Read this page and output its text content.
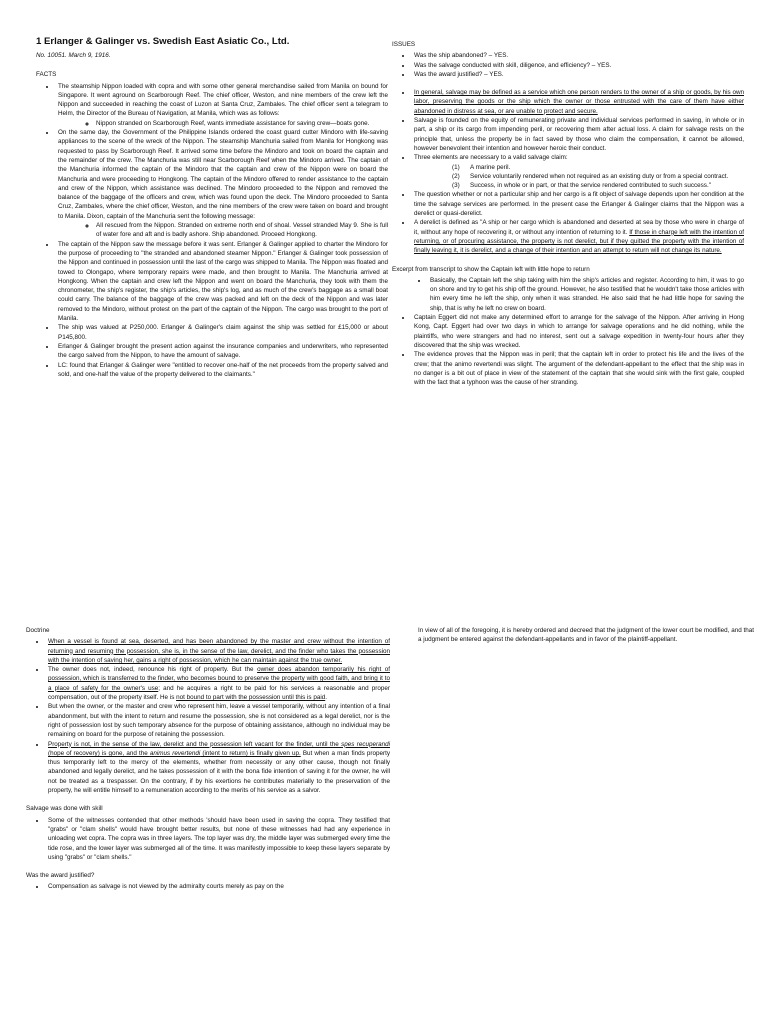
1 Erlanger & Galinger vs. Swedish East Asiatic Co., Ltd.

No. 10051. March 9, 1916.

FACTS

• The steamship Nippon loaded with copra and with some other general merchandise sailed from Manila on bound for Singapore. It went aground on Scarborough Reef. The chief officer, Weston, and nine members of the crew left the Nippon and succeeded in reaching the coast of Luzon at Santa Cruz, Zambales. The chief officer sent a telegram to Helm, the Director of the Bureau of Navigation, at Manila, which was as follows:
◦ Nippon stranded on Scarborough Reef, wants immediate assistance for saving crew—boats gone.
• On the same day, the Government of the Philippine Islands ordered the coast guard cutter Mindoro with life-saving appliances to the scene of the wreck of the Nippon. The steamship Manchuria sailed from Manila for Hongkong was requested to pass by Scarborough Reef. It arrived some time before the Mindoro and took on board the captain and the remainder of the crew. The Manchuria was still near Scarborough Reef when the Mindoro arrived. The captain of the Manchuria informed the captain of the Mindoro that the captain and crew of the Nippon were on board the Manchuria and were proceeding to Hongkong. The captain of the Mindoro offered to render assistance to the captain and crew of the Nippon, which assistance was declined. The Mindoro proceeded to the Nippon and removed the balance of the baggage of the officers and crew, which was found upon the deck. The Mindoro proceeded to Santa Cruz, Zambales, where the chief officer, Weston, and the nine members of the crew were taken on board and brought to Manila. Dixon, captain of the Manchuria sent the following message:
◦ All rescued from the Nippon. Stranded on extreme north end of shoal. Vessel stranded May 9. She is full of water fore and aft and is badly ashore. Ship abandoned. Proceed Hongkong.
• The captain of the Nippon saw the message before it was sent. Erlanger & Galinger applied to charter the Mindoro for the purpose of proceeding to "the stranded and abandoned steamer Nippon." Erlanger & Galinger took possession of the Nippon and continued in possession until the last of the cargo was shipped to Manila. The Nippon was floated and towed to Olongapo, where temporary repairs were made, and then brought to Manila. The Manchuria arrived at Hongkong. When the captain and crew left the Nippon and went on board the Manchuria, they took with them the chronometer, the ship's register, the ship's articles, the ship's log, and as much of the crew's baggage as a small boat could carry. The balance of the baggage of the crew was packed and left on the deck of the Nippon and was later removed to the Mindoro, without protest on the part of the captain of the Nippon. The cargo was brought to the port of Manila.
• The ship was valued at P250,000. Erlanger & Galinger's claim against the ship was settled for £15,000 or about P145,800.
• Erlanger & Galinger brought the present action against the insurance companies and underwriters, who represented the cargo salved from the Nippon, to have the amount of salvage.
• LC: found that Erlanger & Galinger were "entitled to recover one-half of the net proceeds from the property salved and sold, and one-half the value of the property delivered to the claimants."

ISSUES

• Was the ship abandoned? – YES.
• Was the salvage conducted with skill, diligence, and efficiency? – YES.
• Was the award justified? – YES.
• In general, salvage may be defined as a service which one person renders to the owner of a ship or goods, by his own labor, preserving the goods or the ship which the owner or those entrusted with the care of them have either abandoned in distress at sea, or are unable to protect and secure.
• Salvage is founded on the equity of remunerating private and individual services performed in saving, in whole or in part, a ship or its cargo from impending peril, or recovering them after actual loss. A claim for salvage rests on the principle that, unless the property be in fact saved by those who claim the compensation, it cannot be allowed, however benevolent their intention and however heroic their conduct.
• Three elements are necessary to a valid salvage claim:
(1) A marine peril.
(2) Service voluntarily rendered when not required as an existing duty or from a special contract.
(3) Success, in whole or in part, or that the service rendered contributed to such success."
• The question whether or not a particular ship and her cargo is a fit object of salvage depends upon her condition at the time the salvage services are performed. In the present case the Erlanger & Galinger claims that the Nippon was a derelict or quasi-derelict.
• A derelict is defined as "A ship or her cargo which is abandoned and deserted at sea by those who were in charge of it, without any hope of recovering it, or without any intention of returning to it. If those in charge left with the intention of returning, or of procuring assistance, the property is not derelict, but if they quitted the property with the intention of finally leaving it, it is derelict, and a change of their intention and an attempt to return will not change its nature.

Excerpt from transcript to show the Captain left with little hope to return

• Basically, the Captain left the ship taking with him the ship's articles and register. According to him, it was to go on shore and try to get his ship off the ground. However, he also testified that he wouldn't take those articles with him every time he left the ship, only when it was stranded. He also said that he had little hope for saving the ship, that is why he left no crew on board.
• Captain Eggert did not make any determined effort to arrange for the salvage of the Nippon. After arriving in Hong Kong, Capt. Eggert had over two days in which to arrange for salvage operations and he did nothing, while the plaintiffs, who were strangers and had no interest, sent out a salvage expedition in twenty-four hours after they discovered that the ship was wrecked.
• The evidence proves that the Nippon was in peril; that the captain left in order to protect his life and the lives of the crew; that the animo revertendi was slight. The argument of the defendant-appellant to the effect that the ship was in no danger is a bit out of place in view of the statement of the captain that she would sink with the first gale, coupled with the fact that a typhoon was the cause of her stranding.

Doctrine

• When a vessel is found at sea, deserted, and has been abandoned by the master and crew without the intention of returning and resuming the possession, she is, in the sense of the law, derelict, and the finder who takes the possession with the intention of saving her, gains a right of possession, which he can maintain against the true owner.
• The owner does not, indeed, renounce his right of property. But the owner does abandon temporarily his right of possession, which is transferred to the finder, who becomes bound to preserve the property with good faith, and bring it to a place of safety for the owner's use; and he acquires a right to be paid for his services a reasonable and proper compensation, out of the property itself. He is not bound to part with the possession until this is paid.
• But when the owner, or the master and crew who represent him, leave a vessel temporarily, without any intention of a final abandonment, but with the intent to return and resume the possession, she is not considered as a legal derelict, nor is the right of possession lost by such temporary absence for the purpose of obtaining assistance, although no individual may be remaining on board for the purpose of retaining the possession.
• Property is not, in the sense of the law, derelict and the possession left vacant for the finder, until the spes recuperandi (hope of recovery) is gone, and the animus revertendi (intent to return) is finally given up. But when a man finds property thus temporarily left to the mercy of the elements, whether from necessity or any other cause, though not finally abandoned and legally derelict, and he takes possession of it with the bona fide intention of saving it for the owner, he will not be treated as a trespasser. On the contrary, if by his exertions he contributes materially to the preservation of the property, he will entitle himself to a remuneration according to the merits of his service as a salvor.

Salvage was done with skill

• Some of the witnesses contended that other methods 'should have been used in saving the copra. They testified that "grabs" or "clam shells" would have brought better results, but none of these witnesses had had any experience in unloading wet copra. The copra was in three layers. The top layer was dry, the middle layer was submerged every time the tide rose, and the lower layer was submerged all of the time. It was manifestly impossible to keep these layers separate by using "grabs" or "clam shells."

Was the award justified?

• Compensation as salvage is not viewed by the admiralty courts merely as pay on the

In view of all of the foregoing, it is hereby ordered and decreed that the judgment of the lower court be modified, and that a judgment be entered against the defendant-appellants and in favor of the plaintiff-appellant.
